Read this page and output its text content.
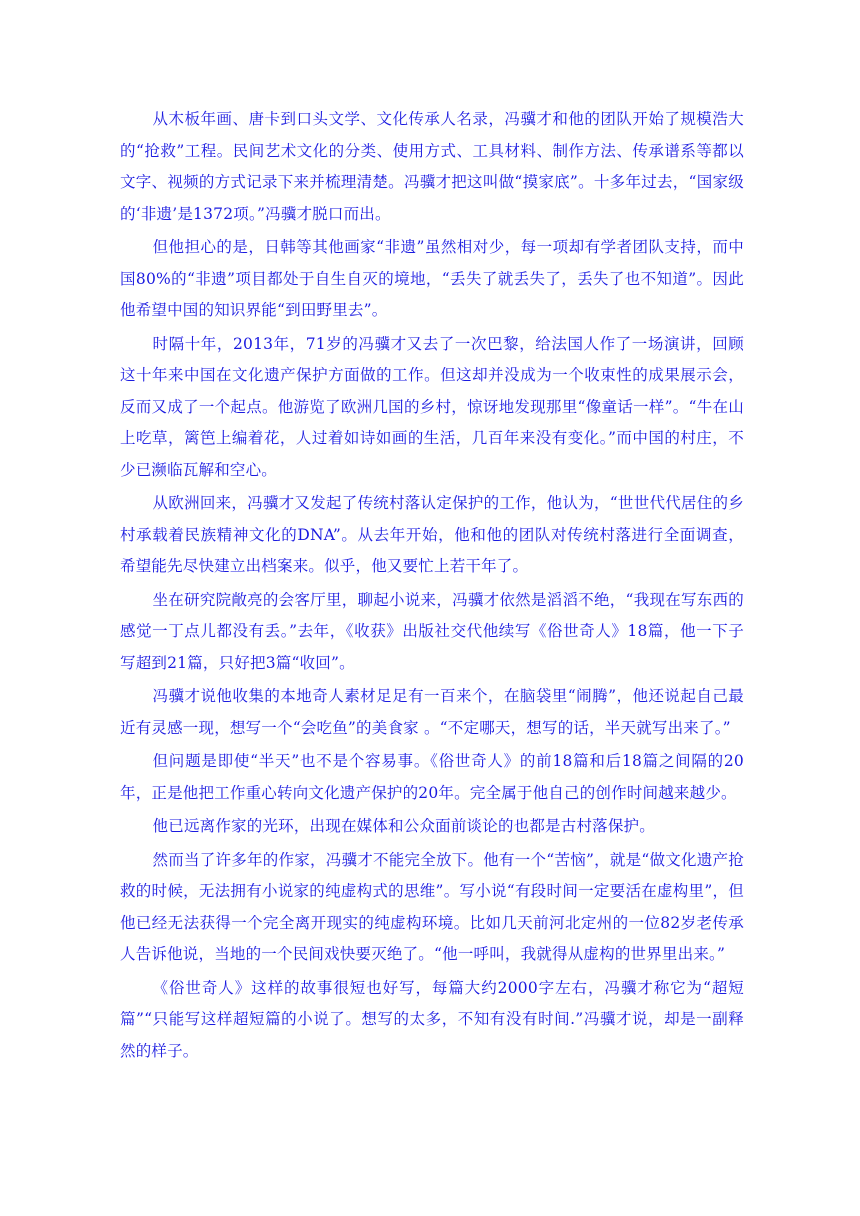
从木板年画、唐卡到口头文学、文化传承人名录，冯骥才和他的团队开始了规模浩大的“抢救”工程。民间艺术文化的分类、使用方式、工具材料、制作方法、传承谱系等都以文字、视频的方式记录下来并梳理清楚。冯骥才把这叫做“摸家底”。十多年过去，“国家级的‘非遗’是1372项。”冯骥才脱口而出。

但他担心的是，日韩等其他画家“非遗”虽然相对少，每一项却有学者团队支持，而中国80%的“非遗”项目都处于自生自灭的境地，“丢失了就丢失了，丢失了也不知道”。因此他希望中国的知识界能“到田野里去”。

时隔十年，2013年，71岁的冯骥才又去了一次巴黎，给法国人作了一场演讲，回顾这十年来中国在文化遗产保护方面做的工作。但这却并没成为一个收束性的成果展示会，反而又成了一个起点。他游览了欧洲几国的乡村，惊讶地发现那里“像童话一样”。“牛在山上吃草，篱笆上编着花，人过着如诗如画的生活，几百年来没有变化。”而中国的村庄，不少已濒临瓦解和空心。

从欧洲回来，冯骥才又发起了传统村落认定保护的工作，他认为，“世世代代居住的乡村承载着民族精神文化的DNA”。从去年开始，他和他的团队对传统村落进行全面调查，希望能先尽快建立出档案来。似乎，他又要忙上若干年了。

坐在研究院敞亮的会客厅里，聊起小说来，冯骥才依然是滔滔不绝，“我现在写东西的感觉一丁点儿都没有丢。”去年，《收获》出版社交代他续写《俗世奇人》18篇，他一下子写超到21篇，只好把3篇“收回”。

冯骥才说他收集的本地奇人素材足足有一百来个，在脑袋里“闹腾”，他还说起自己最近有灵感一现，想写一个“会吃鱼”的美食家 。“不定哪天，想写的话，半天就写出来了。”

但问题是即使“半天”也不是个容易事。《俗世奇人》的前18篇和后18篇之间隔的20年，正是他把工作重心转向文化遗产保护的20年。完全属于他自己的创作时间越来越少。

他已远离作家的光环，出现在媒体和公众面前谈论的也都是古村落保护。

然而当了许多年的作家，冯骥才不能完全放下。他有一个“苦恼”，就是“做文化遗产抢救的时候，无法拥有小说家的纯虚构式的思维”。写小说“有段时间一定要活在虚构里”，但他已经无法获得一个完全离开现实的纯虚构环境。比如几天前河北定州的一位82岁老传承人告诉他说，当地的一个民间戏快要灭绝了。“他一呼叫，我就得从虚构的世界里出来。”

《俗世奇人》这样的故事很短也好写，每篇大约2000字左右，冯骥才称它为“超短篇”“只能写这样超短篇的小说了。想写的太多，不知有没有时间.”冯骥才说，却是一副释然的样子。
